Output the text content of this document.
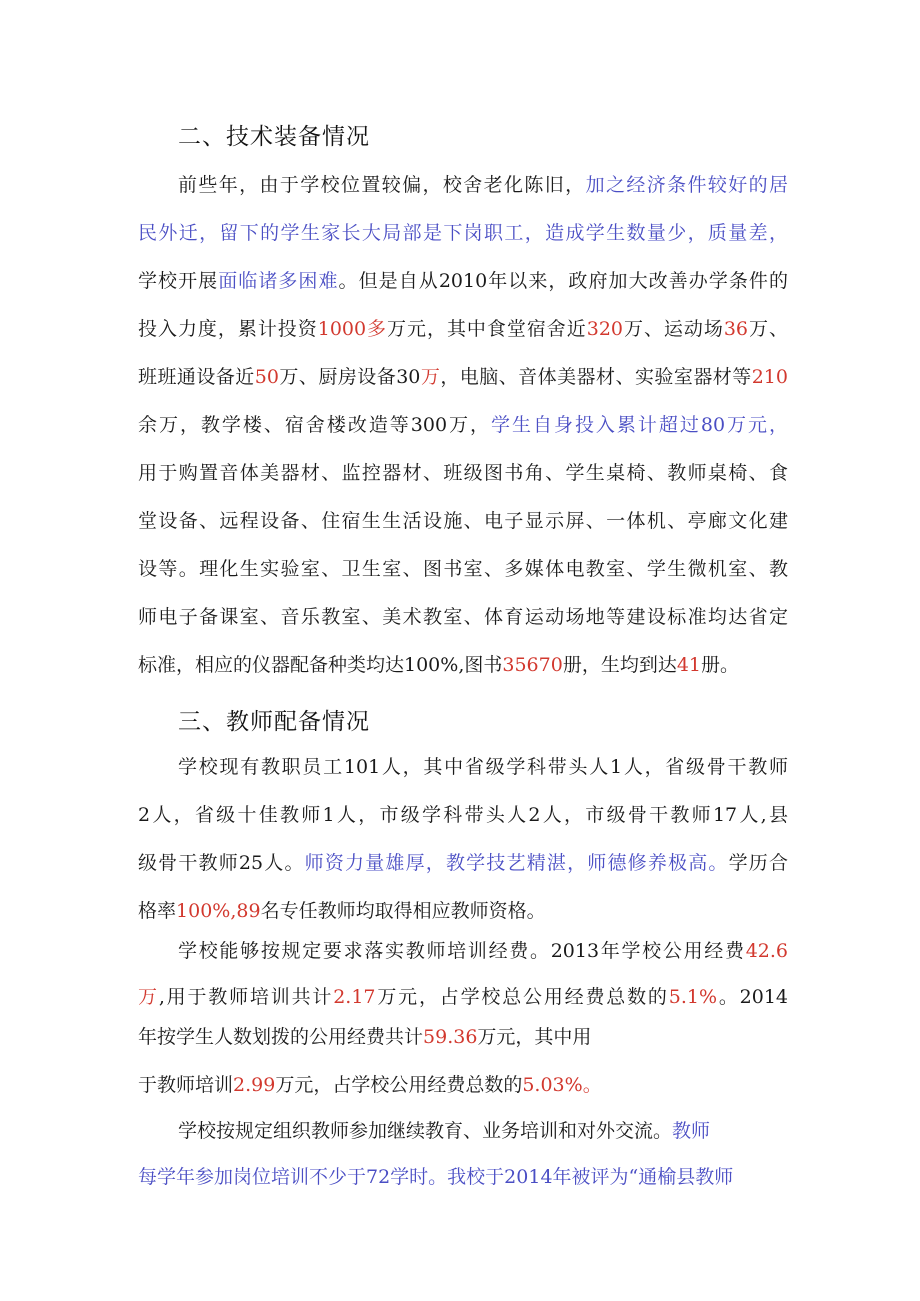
二、技术装备情况

前些年，由于学校位置较偏，校舍老化陈旧，加之经济条件较好的居

民外迁，留下的学生家长大局部是下岗职工，造成学生数量少，质量差，

学校开展面临诸多困难。但是自从2010年以来，政府加大改善办学条件的

投入力度，累计投资1000多万元，其中食堂宿舍近320万、运动场36万、

班班通设备近50万、厨房设备30万，电脑、音体美器材、实验室器材等210

余万，教学楼、宿舍楼改造等300万，学生自身投入累计超过80万元，

用于购置音体美器材、监控器材、班级图书角、学生桌椅、教师桌椅、食

堂设备、远程设备、住宿生生活设施、电子显示屏、一体机、亭廊文化建

设等。理化生实验室、卫生室、图书室、多媒体电教室、学生微机室、教

师电子备课室、音乐教室、美术教室、体育运动场地等建设标准均达省定

标准，相应的仪器配备种类均达100%,图书35670册，生均到达41册。

三、教师配备情况

学校现有教职员工101人，其中省级学科带头人1人，省级骨干教师

2人，省级十佳教师1人，市级学科带头人2人，市级骨干教师17人,县

级骨干教师25人。师资力量雄厚，教学技艺精湛，师德修养极高。学历合

格率100%,89名专任教师均取得相应教师资格。

学校能够按规定要求落实教师培训经费。2013年学校公用经费42.6

万,用于教师培训共计2.17万元，占学校总公用经费总数的5.1%。2014

年按学生人数划拨的公用经费共计59.36万元，其中用

于教师培训2.99万元，占学校公用经费总数的5.03%。

学校按规定组织教师参加继续教育、业务培训和对外交流。教师

每学年参加岗位培训不少于72学时。我校于2014年被评为“通榆县教师
